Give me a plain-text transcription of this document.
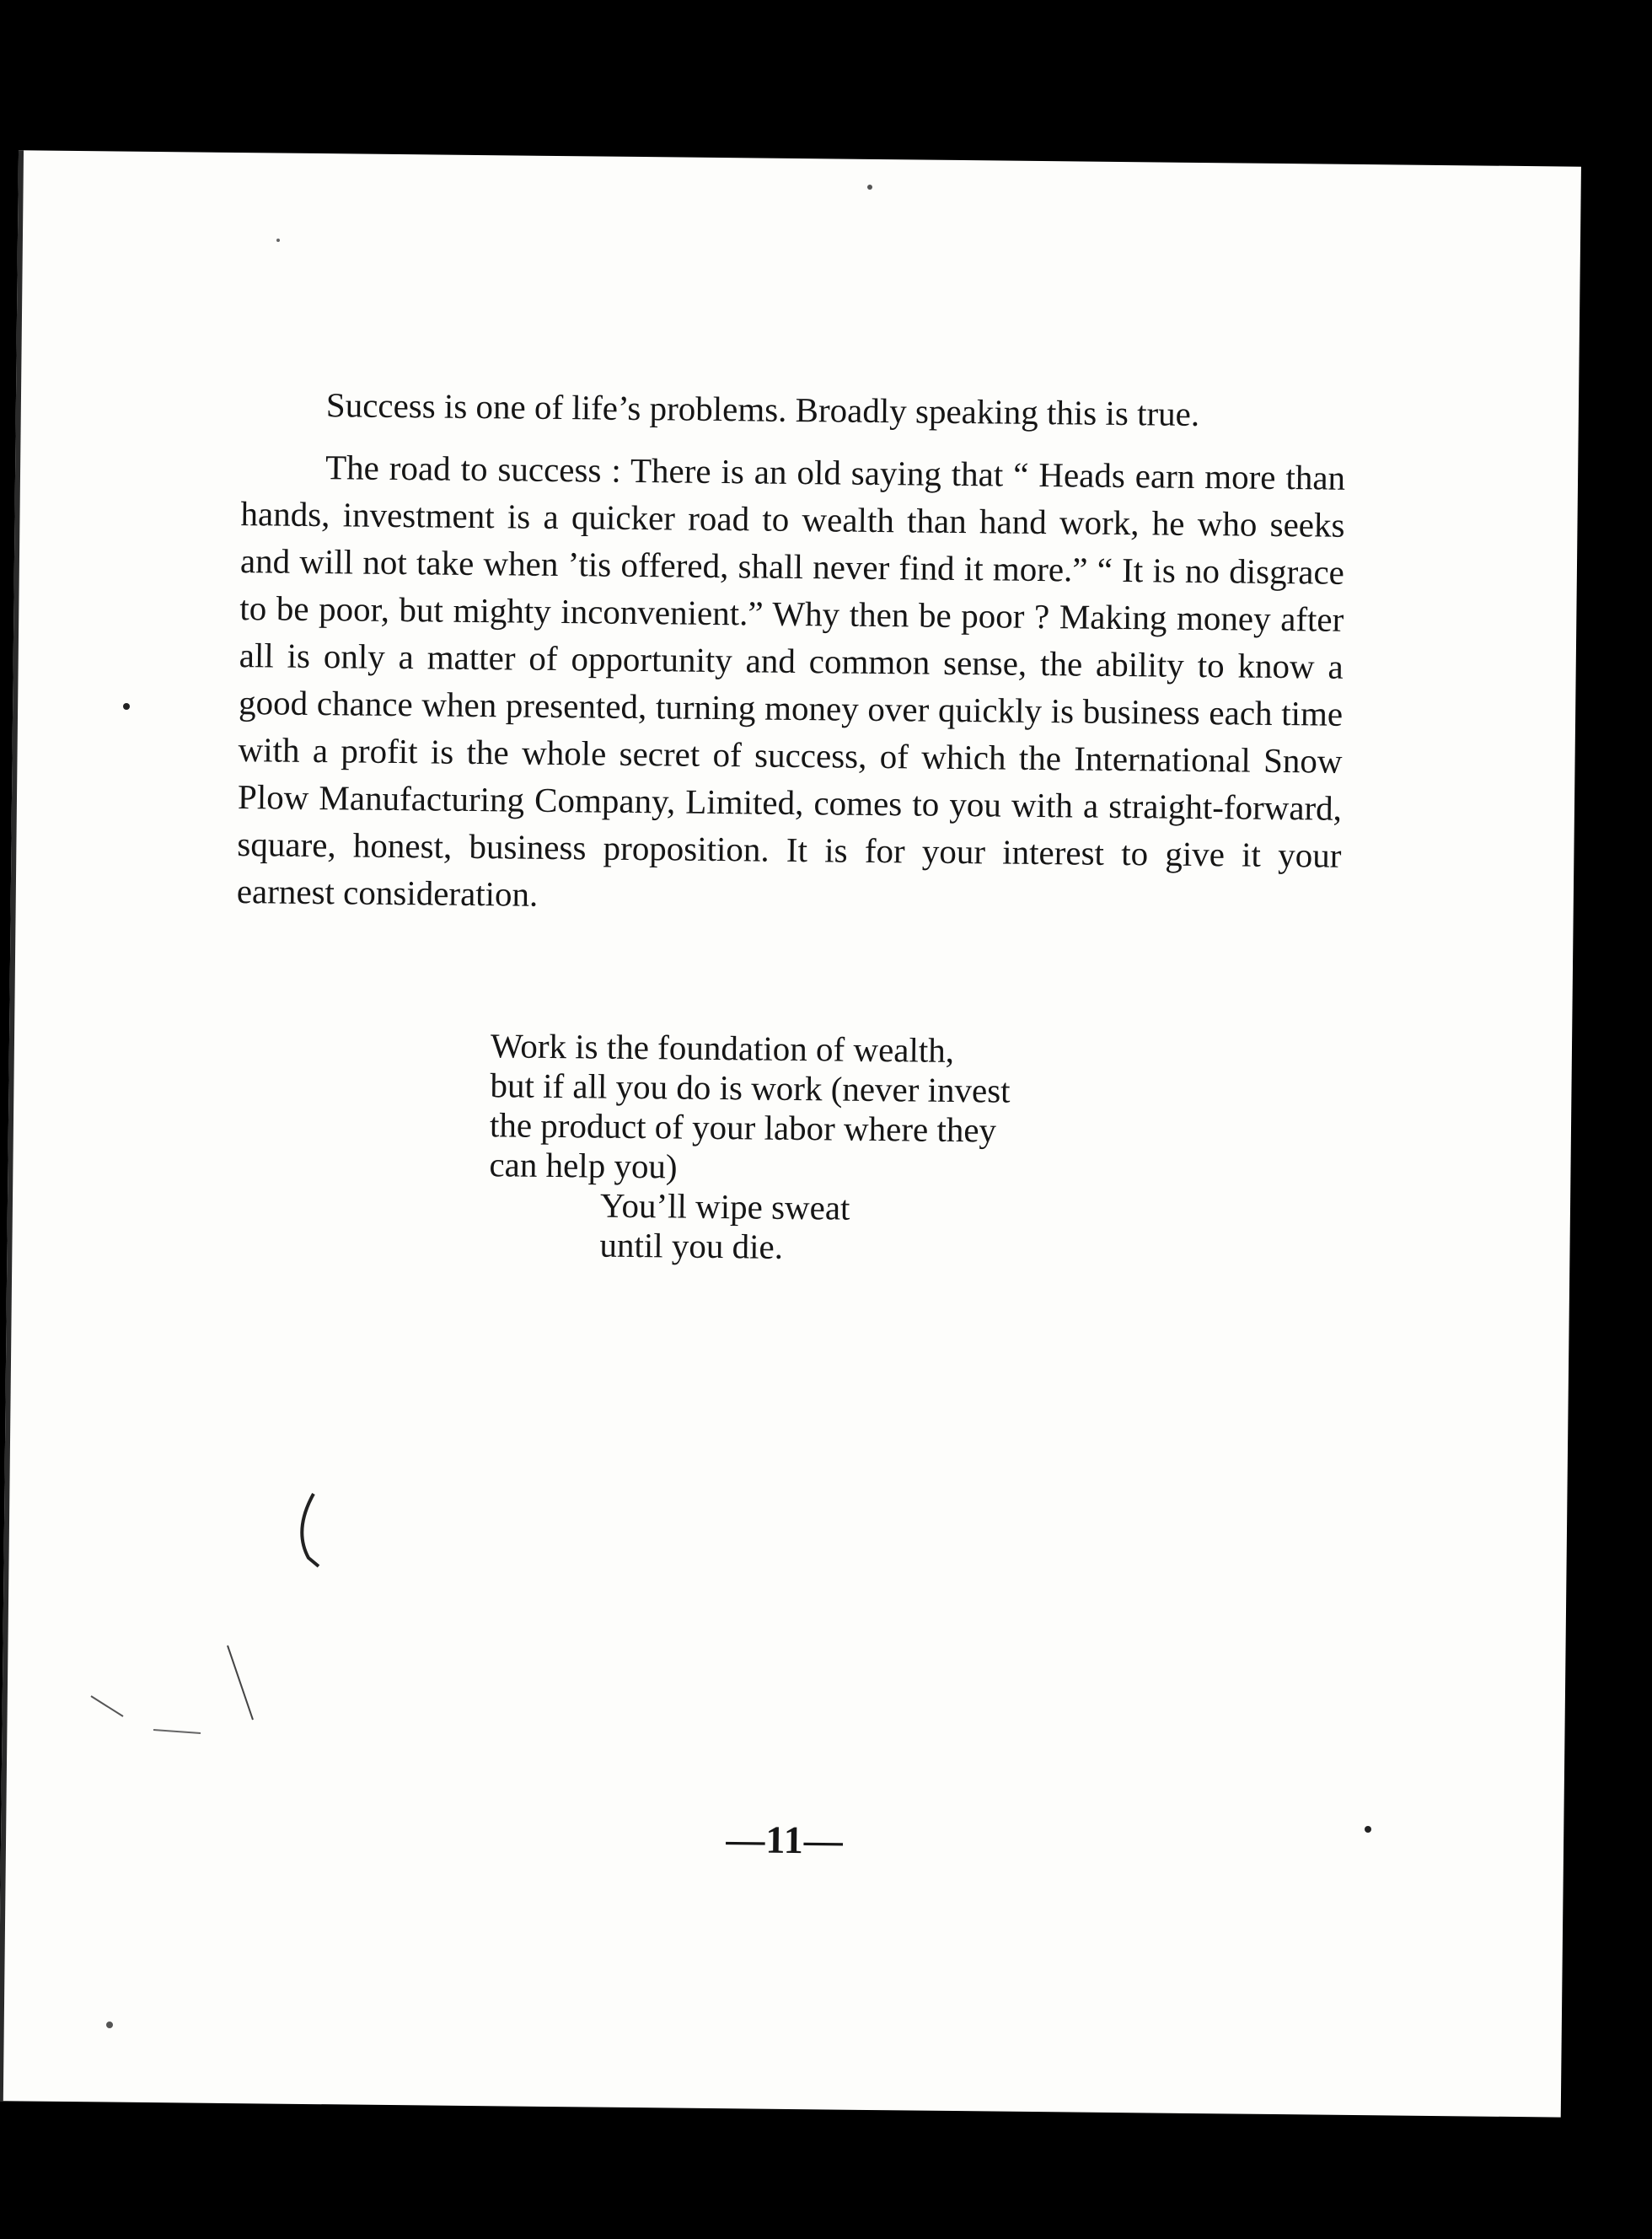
Success is one of life’s problems. Broadly speaking this is true.

The road to success : There is an old saying that “ Heads earn more than hands, investment is a quicker road to wealth than hand work, he who seeks and will not take when ’tis offered, shall never find it more.” “ It is no disgrace to be poor, but mighty inconvenient.” Why then be poor ? Making money after all is only a matter of opportunity and common sense, the ability to know a good chance when presented, turning money over quickly is business each time with a profit is the whole secret of success, of which the International Snow Plow Manufacturing Company, Limited, comes to you with a straight-forward, square, honest, business proposition. It is for your interest to give it your earnest consideration.

Work is the foundation of wealth,
but if all you do is work (never invest
the product of your labor where they
can help you)
You’ll wipe sweat
until you die.
—11—
